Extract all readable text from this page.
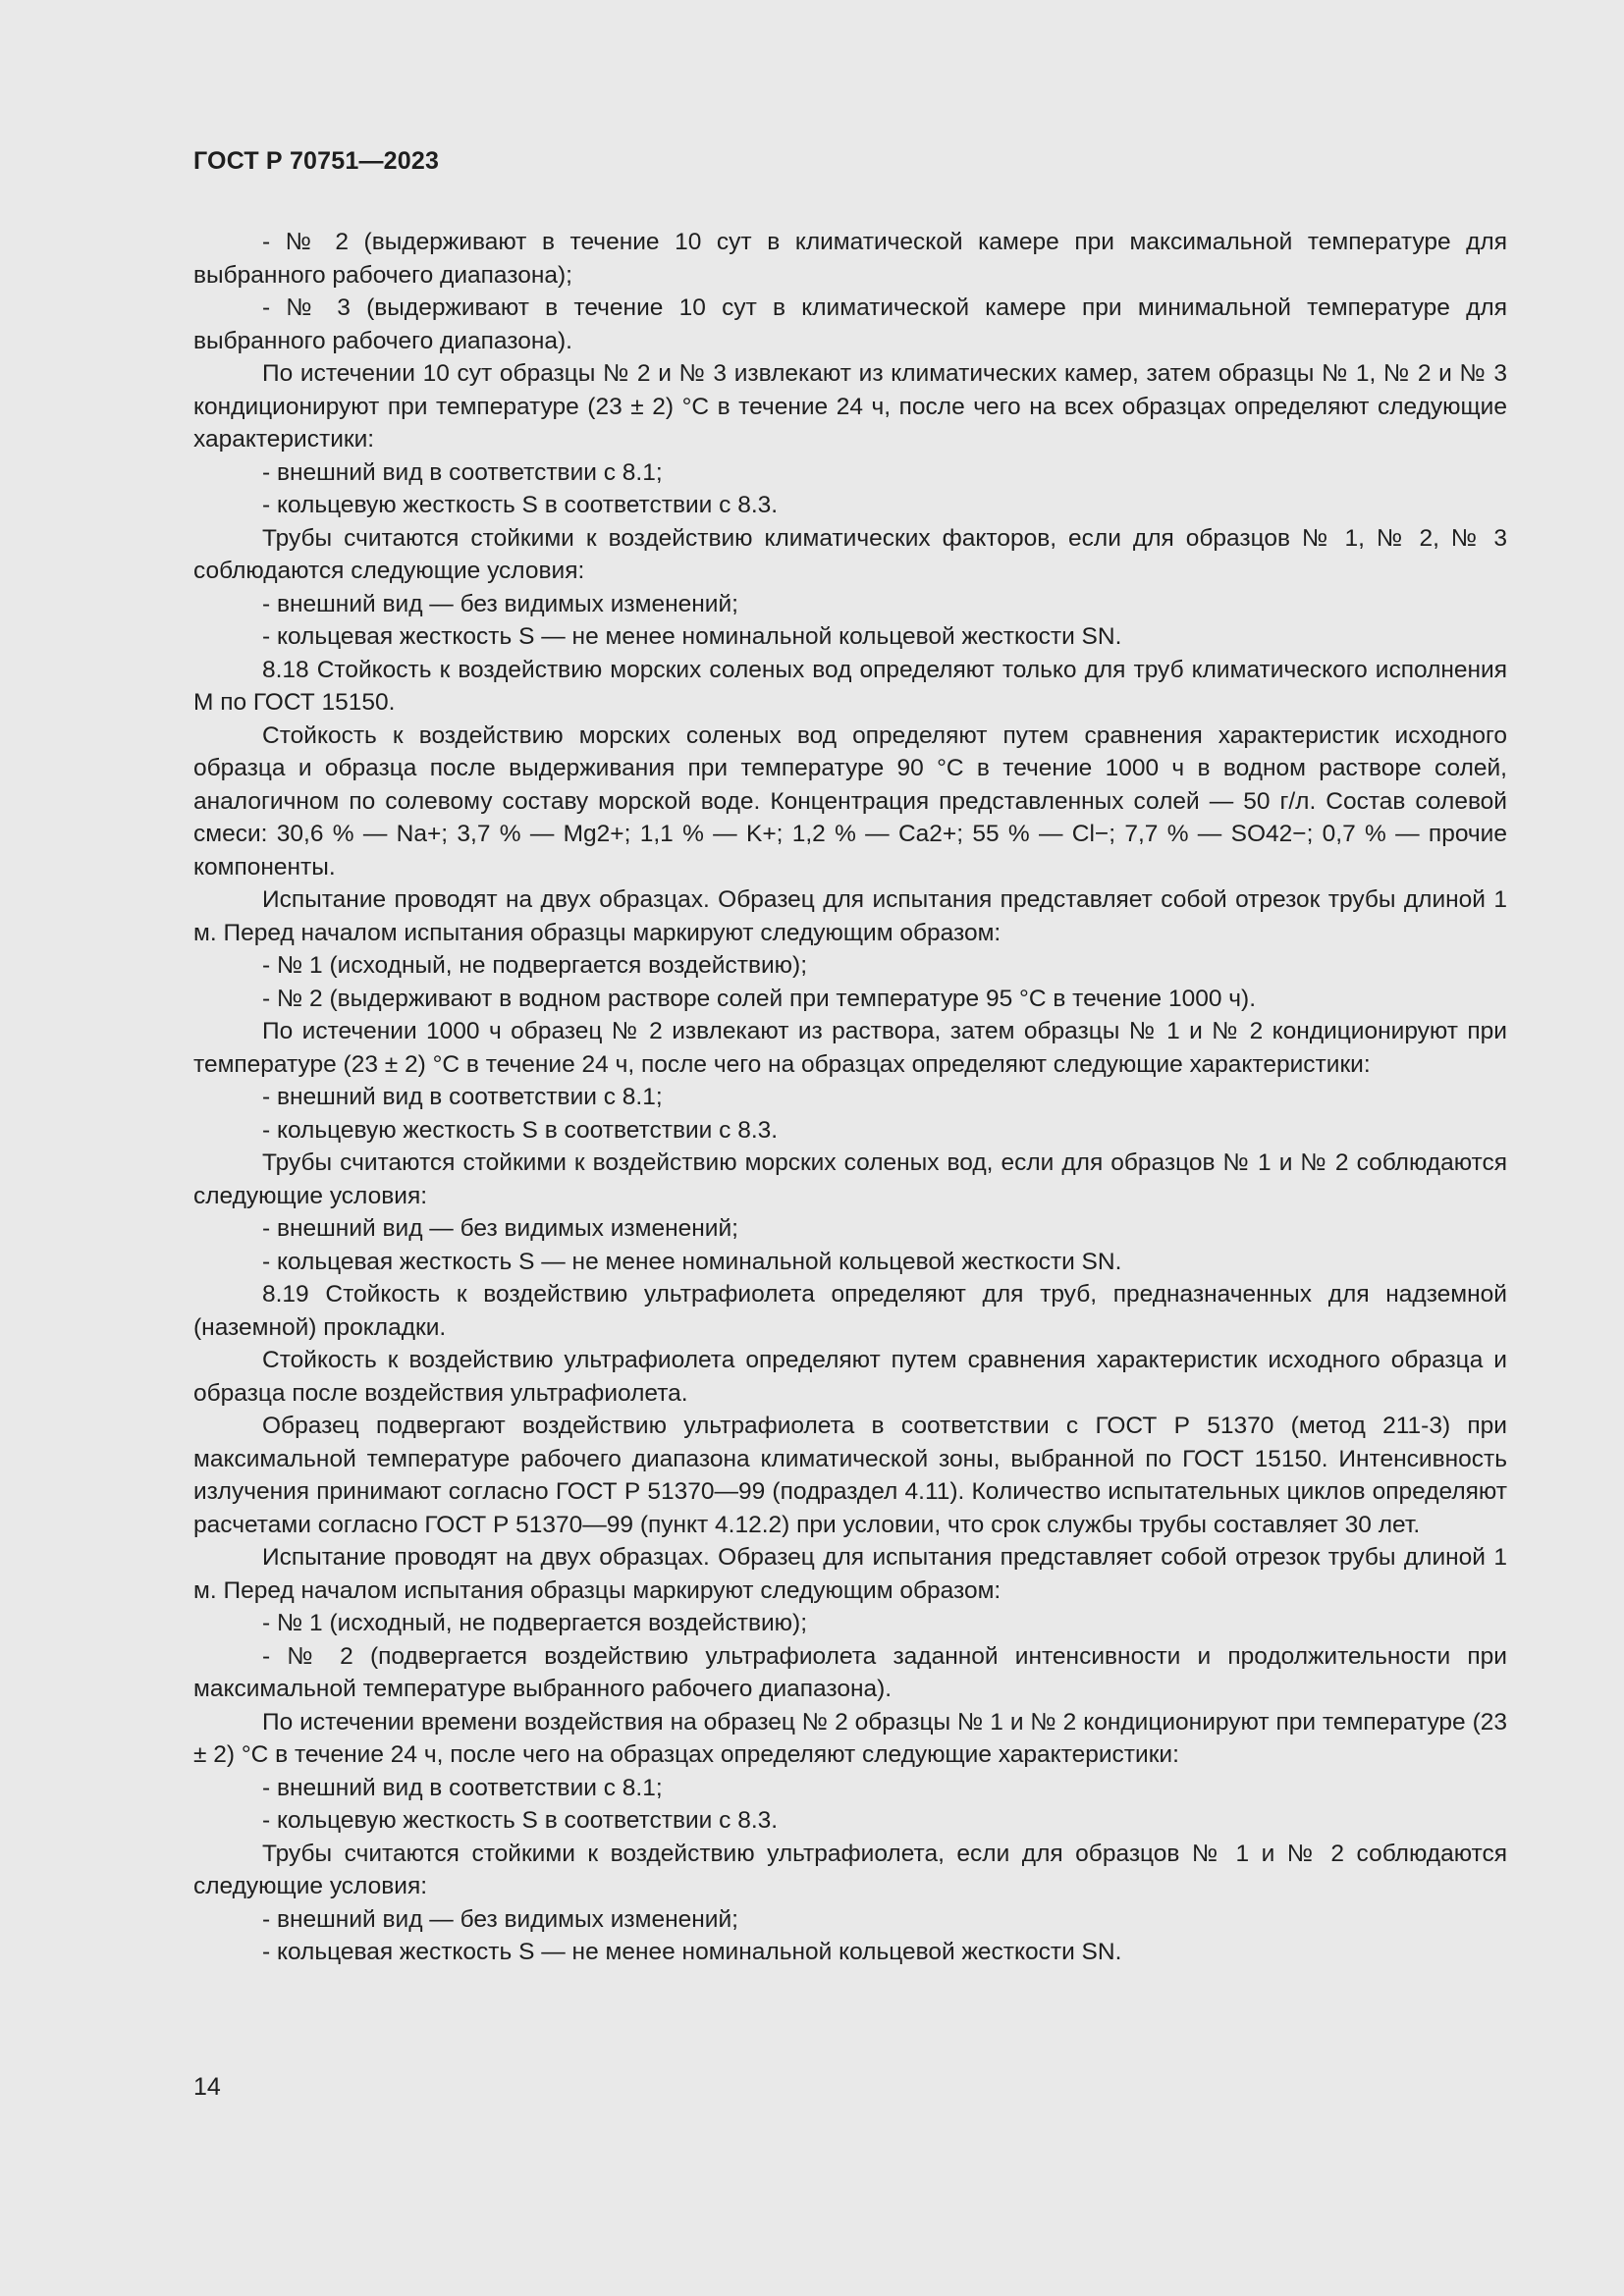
ГОСТ Р 70751—2023

- № 2 (выдерживают в течение 10 сут в климатической камере при максимальной температуре для выбранного рабочего диапазона);

- № 3 (выдерживают в течение 10 сут в климатической камере при минимальной температуре для выбранного рабочего диапазона).

По истечении 10 сут образцы № 2 и № 3 извлекают из климатических камер, затем образцы № 1, № 2 и № 3 кондиционируют при температуре (23 ± 2) °С в течение 24 ч, после чего на всех образцах определяют следующие характеристики:

- внешний вид в соответствии с 8.1;

- кольцевую жесткость S в соответствии с 8.3.

Трубы считаются стойкими к воздействию климатических факторов, если для образцов № 1, № 2, № 3 соблюдаются следующие условия:

- внешний вид — без видимых изменений;

- кольцевая жесткость S — не менее номинальной кольцевой жесткости SN.

8.18 Стойкость к воздействию морских соленых вод определяют только для труб климатического исполнения М по ГОСТ 15150.

Стойкость к воздействию морских соленых вод определяют путем сравнения характеристик исходного образца и образца после выдерживания при температуре 90 °С в течение 1000 ч в водном растворе солей, аналогичном по солевому составу морской воде. Концентрация представленных солей — 50 г/л. Состав солевой смеси: 30,6 % — Na+; 3,7 % — Mg2+; 1,1 % — K+; 1,2 % — Ca2+; 55 % — Cl−; 7,7 % — SO42−; 0,7 % — прочие компоненты.

Испытание проводят на двух образцах. Образец для испытания представляет собой отрезок трубы длиной 1 м. Перед началом испытания образцы маркируют следующим образом:

- № 1 (исходный, не подвергается воздействию);

- № 2 (выдерживают в водном растворе солей при температуре 95 °С в течение 1000 ч).

По истечении 1000 ч образец № 2 извлекают из раствора, затем образцы № 1 и № 2 кондиционируют при температуре (23 ± 2) °С в течение 24 ч, после чего на образцах определяют следующие характеристики:

- внешний вид в соответствии с 8.1;

- кольцевую жесткость S в соответствии с 8.3.

Трубы считаются стойкими к воздействию морских соленых вод, если для образцов № 1 и № 2 соблюдаются следующие условия:

- внешний вид — без видимых изменений;

- кольцевая жесткость S — не менее номинальной кольцевой жесткости SN.

8.19 Стойкость к воздействию ультрафиолета определяют для труб, предназначенных для надземной (наземной) прокладки.

Стойкость к воздействию ультрафиолета определяют путем сравнения характеристик исходного образца и образца после воздействия ультрафиолета.

Образец подвергают воздействию ультрафиолета в соответствии с ГОСТ Р 51370 (метод 211-3) при максимальной температуре рабочего диапазона климатической зоны, выбранной по ГОСТ 15150. Интенсивность излучения принимают согласно ГОСТ Р 51370—99 (подраздел 4.11). Количество испытательных циклов определяют расчетами согласно ГОСТ Р 51370—99 (пункт 4.12.2) при условии, что срок службы трубы составляет 30 лет.

Испытание проводят на двух образцах. Образец для испытания представляет собой отрезок трубы длиной 1 м. Перед началом испытания образцы маркируют следующим образом:

- № 1 (исходный, не подвергается воздействию);

- № 2 (подвергается воздействию ультрафиолета заданной интенсивности и продолжительности при максимальной температуре выбранного рабочего диапазона).

По истечении времени воздействия на образец № 2 образцы № 1 и № 2 кондиционируют при температуре (23 ± 2) °С в течение 24 ч, после чего на образцах определяют следующие характеристики:

- внешний вид в соответствии с 8.1;

- кольцевую жесткость S в соответствии с 8.3.

Трубы считаются стойкими к воздействию ультрафиолета, если для образцов № 1 и № 2 соблюдаются следующие условия:

- внешний вид — без видимых изменений;

- кольцевая жесткость S — не менее номинальной кольцевой жесткости SN.

14
